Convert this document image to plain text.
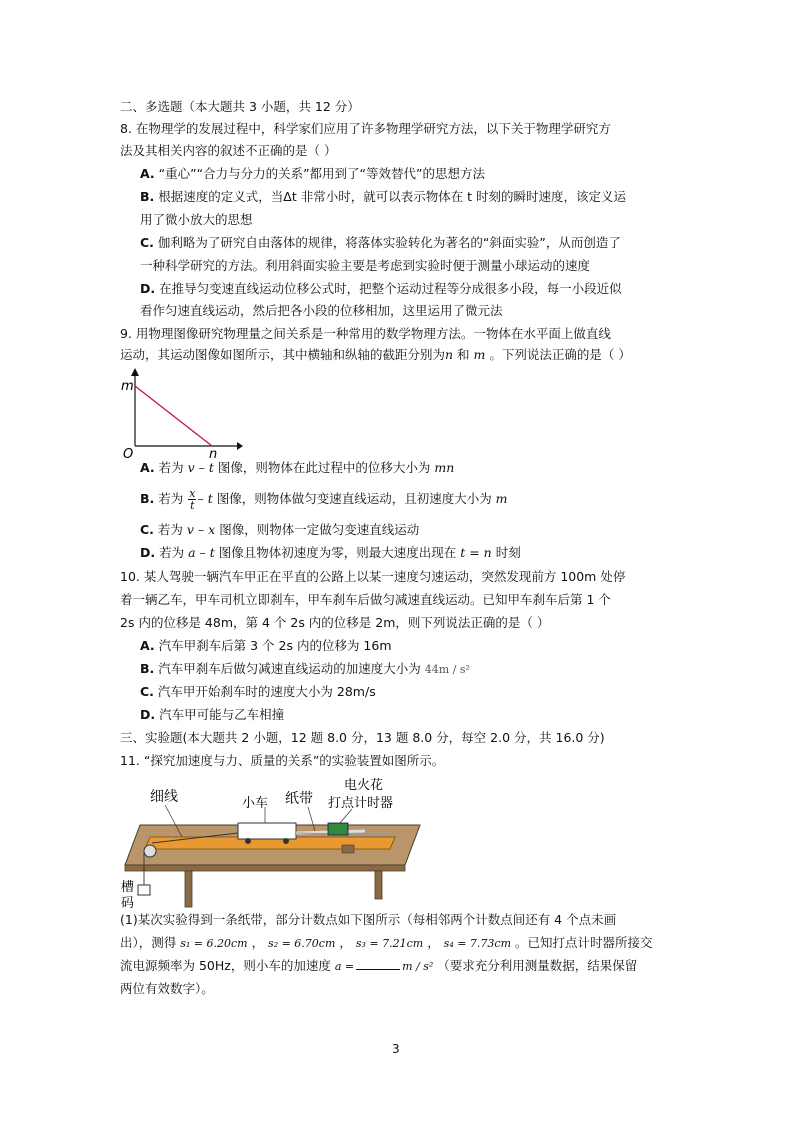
二、多选题（本大题共 3 小题，共 12 分）
8. 在物理学的发展过程中，科学家们应用了许多物理学研究方法，以下关于物理学研究方
法及其相关内容的叙述不正确的是（ ）
A. “重心”“合力与分力的关系”都用到了“等效替代”的思想方法
B. 根据速度的定义式，当Δt 非常小时，就可以表示物体在 t 时刻的瞬时速度，该定义运
用了微小放大的思想
C. 伽利略为了研究自由落体的规律，将落体实验转化为著名的“斜面实验”，从而创造了
一种科学研究的方法。利用斜面实验主要是考虑到实验时便于测量小球运动的速度
D. 在推导匀变速直线运动位移公式时，把整个运动过程等分成很多小段，每一小段近似
看作匀速直线运动，然后把各小段的位移相加，这里运用了微元法
9. 用物理图像研究物理量之间关系是一种常用的数学物理方法。一物体在水平面上做直线
运动，其运动图像如图所示，其中横轴和纵轴的截距分别为n 和 m 。下列说法正确的是（ ）
m
n
O
A. 若为 v – t 图像，则物体在此过程中的位移大小为 mn
B. 若为 $\frac{x}{t}$ – t 图像，则物体做匀变速直线运动，且初速度大小为 m
C. 若为 v – x 图像，则物体一定做匀变速直线运动
D. 若为 a – t 图像且物体初速度为零，则最大速度出现在 t = n 时刻
10. 某人驾驶一辆汽车甲正在平直的公路上以某一速度匀速运动，突然发现前方 100m 处停
着一辆乙车，甲车司机立即刹车，甲车刹车后做匀减速直线运动。已知甲车刹车后第 1 个
2s 内的位移是 48m，第 4 个 2s 内的位移是 2m，则下列说法正确的是（ ）
A. 汽车甲刹车后第 3 个 2s 内的位移为 16m
B. 汽车甲刹车后做匀减速直线运动的加速度大小为 44m / s²
C. 汽车甲开始刹车时的速度大小为 28m/s
D. 汽车甲可能与乙车相撞
三、实验题(本大题共 2 小题，12 题 8.0 分，13 题 8.0 分，每空 2.0 分，共 16.0 分)
11. “探究加速度与力、质量的关系”的实验装置如图所示。
细线	小车 纸带
电火花
打点计时器
槽
码
(1)某次实验得到一条纸带，部分计数点如下图所示（每相邻两个计数点间还有 4 个点未画
出），测得 s₁ = 6.20cm ， s₂ = 6.70cm ， s₃ = 7.21cm ， s₄ = 7.73cm 。已知打点计时器所接交
流电源频率为 50Hz，则小车的加速度 a =	m / s² （要求充分利用测量数据，结果保留
两位有效数字）。
3
